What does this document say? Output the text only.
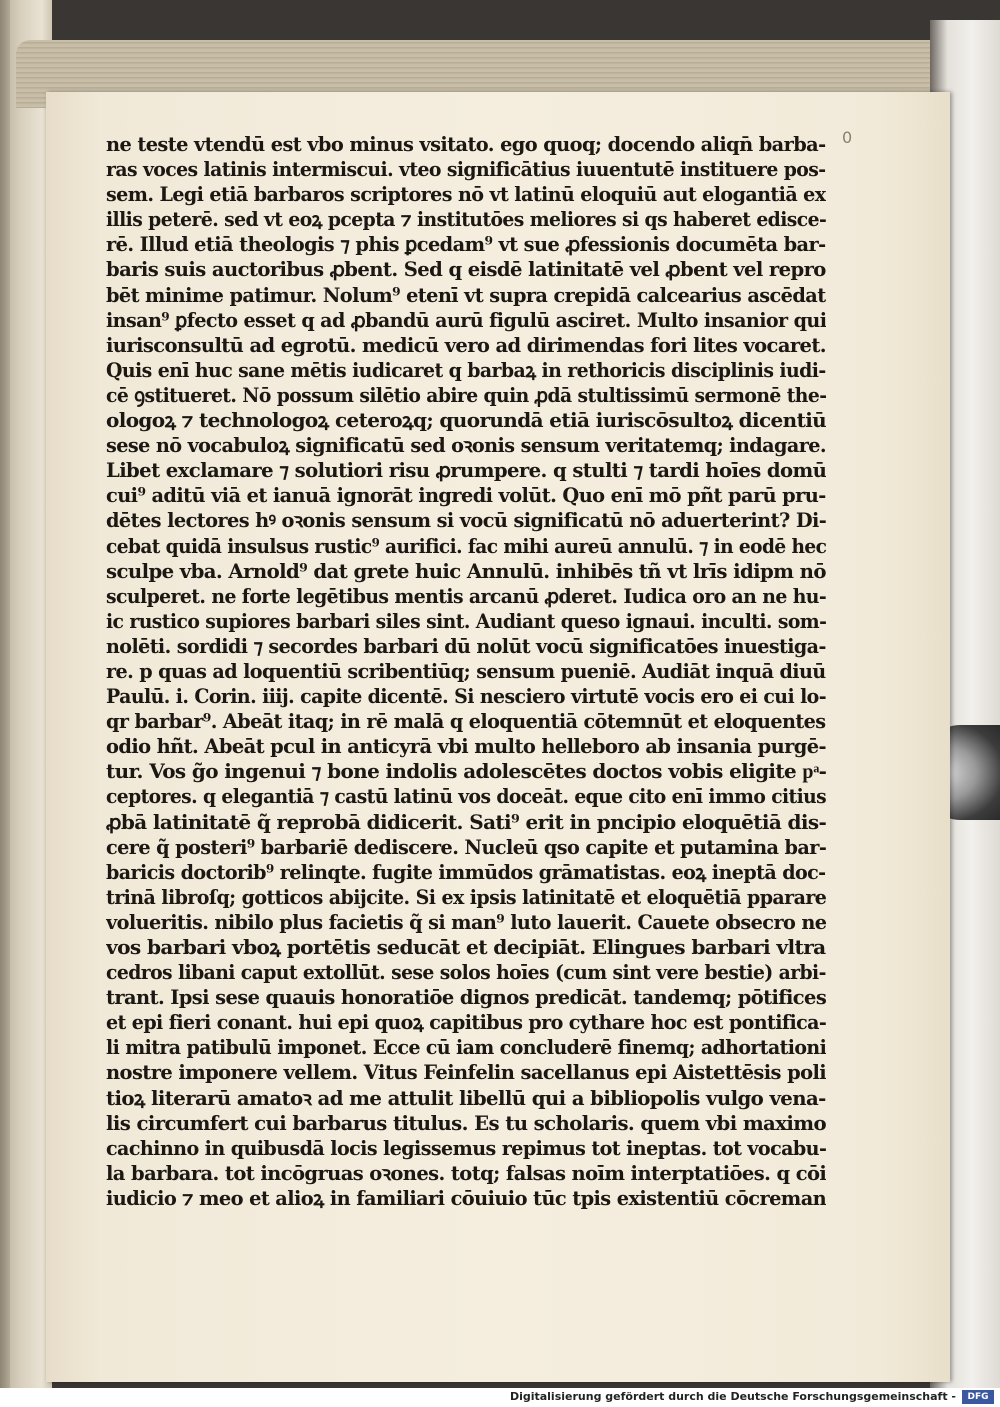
0
ne teste vtendū est vbo minus vsitato. ego quoq; docendo aliqn̄ barba-
ras voces latinis intermiscui. vteo significātius iuuentutē instituere pos-
sem. Legi etiā barbaros scriptores nō vt latinū eloquiū aut elogantiā ex
illis peterē. sed vt eoꝝ pcepta ⁊ institutōes meliores si qs haberet edisce-
rē. Illud etiā theologis ⁊ phis ꝑcedam⁹ vt sue ꝓfessionis documēta bar-
baris suis auctoribus ꝓbent. Sed q eisdē latinitatē vel ꝓbent vel repro
bēt minime patimur. Nolum⁹ etenī vt supra crepidā calcearius ascēdat
insan⁹ ꝑfecto esset q ad ꝓbandū aurū figulū asciret. Multo insanior qui
iurisconsultū ad egrotū. medicū vero ad dirimendas fori lites vocaret.
Quis enī huc sane mētis iudicaret q barbaꝝ in rethoricis disciplinis iudi-
cē ꝯstitueret. Nō possum silētio abire quin ꝓdā stultissimū sermonē the-
ologoꝝ ⁊ technologoꝝ ceteroꝝq; quorundā etiā iuriscōsultoꝝ dicentiū
sese nō vocabuloꝝ significatū sed oꝛonis sensum veritatemq; indagare.
Libet exclamare ⁊ solutiori risu ꝓrumpere. q stulti ⁊ tardi hoīes domū
cui⁹ aditū viā et ianuā ignorāt ingredi volūt. Quo enī mō pñt parū pru-
dētes lectores hꝰ oꝛonis sensum si vocū significatū nō aduerterint? Di-
cebat quidā insulsus rustic⁹ aurifici. fac mihi aureū annulū. ⁊ in eodē hec
sculpe vba. Arnold⁹ dat grete huic Annulū. inhibēs tñ vt lrīs idipm nō
sculperet. ne forte legētibus mentis arcanū ꝓderet. Iudica oro an ne hu-
ic rustico supiores barbari siles sint. Audiant queso ignaui. inculti. som-
nolēti. sordidi ⁊ secordes barbari dū nolūt vocū significatōes inuestiga-
re. p quas ad loquentiū scribentiūq; sensum pueniē. Audiāt inquā diuū
Paulū. i. Corin. iiij. capite dicentē. Si nesciero virtutē vocis ero ei cui lo-
qr barbar⁹. Abeāt itaq; in rē malā q eloquentiā cōtemnūt et eloquentes
odio hñt. Abeāt pcul in anticyrā vbi multo helleboro ab insania purgē-
tur. Vos g̃o ingenui ⁊ bone indolis adolescētes doctos vobis eligite pͣ-
ceptores. q elegantiā ⁊ castū latinū vos doceāt. eque cito enī immo citius
ꝓbā latinitatē q̃ reprobā didicerit. Sati⁹ erit in pncipio eloquētiā dis-
cere q̃ posteri⁹ barbariē dediscere. Nucleū qso capite et putamina bar-
baricis doctorib⁹ relinqte. fugite immūdos grāmatistas. eoꝝ ineptā doc-
trinā libroſq; gotticos abijcite. Si ex ipsis latinitatē et eloquētiā pparare
volueritis. nibilo plus facietis q̃ si man⁹ luto lauerit. Cauete obsecro ne
vos barbari vboꝝ portētis seducāt et decipiāt. Elingues barbari vltra
cedros libani caput extollūt. sese solos hoīes (cum sint vere bestie) arbi-
trant. Ipsi sese quauis honoratiōe dignos predicāt. tandemq; pōtifices
et epi fieri conant. hui epi quoꝝ capitibus pro cythare hoc est pontifica-
li mitra patibulū imponet. Ecce cū iam concluderē finemq; adhortationi
nostre imponere vellem. Vitus Feinfelin sacellanus epi Aistettēsis poli
tioꝝ literarū amatoꝛ ad me attulit libellū qui a bibliopolis vulgo vena-
lis circumfert cui barbarus titulus. Es tu scholaris. quem vbi maximo
cachinno in quibusdā locis legissemus repimus tot ineptas. tot vocabu-
la barbara. tot incōgruas oꝛones. totq; falsas noīm interptatiōes. q cōi
iudicio ⁊ meo et alioꝝ in familiari cōuiuio tūc tpis existentiū cōcreman
Digitalisierung gefördert durch die Deutsche Forschungsgemeinschaft -	DFG
